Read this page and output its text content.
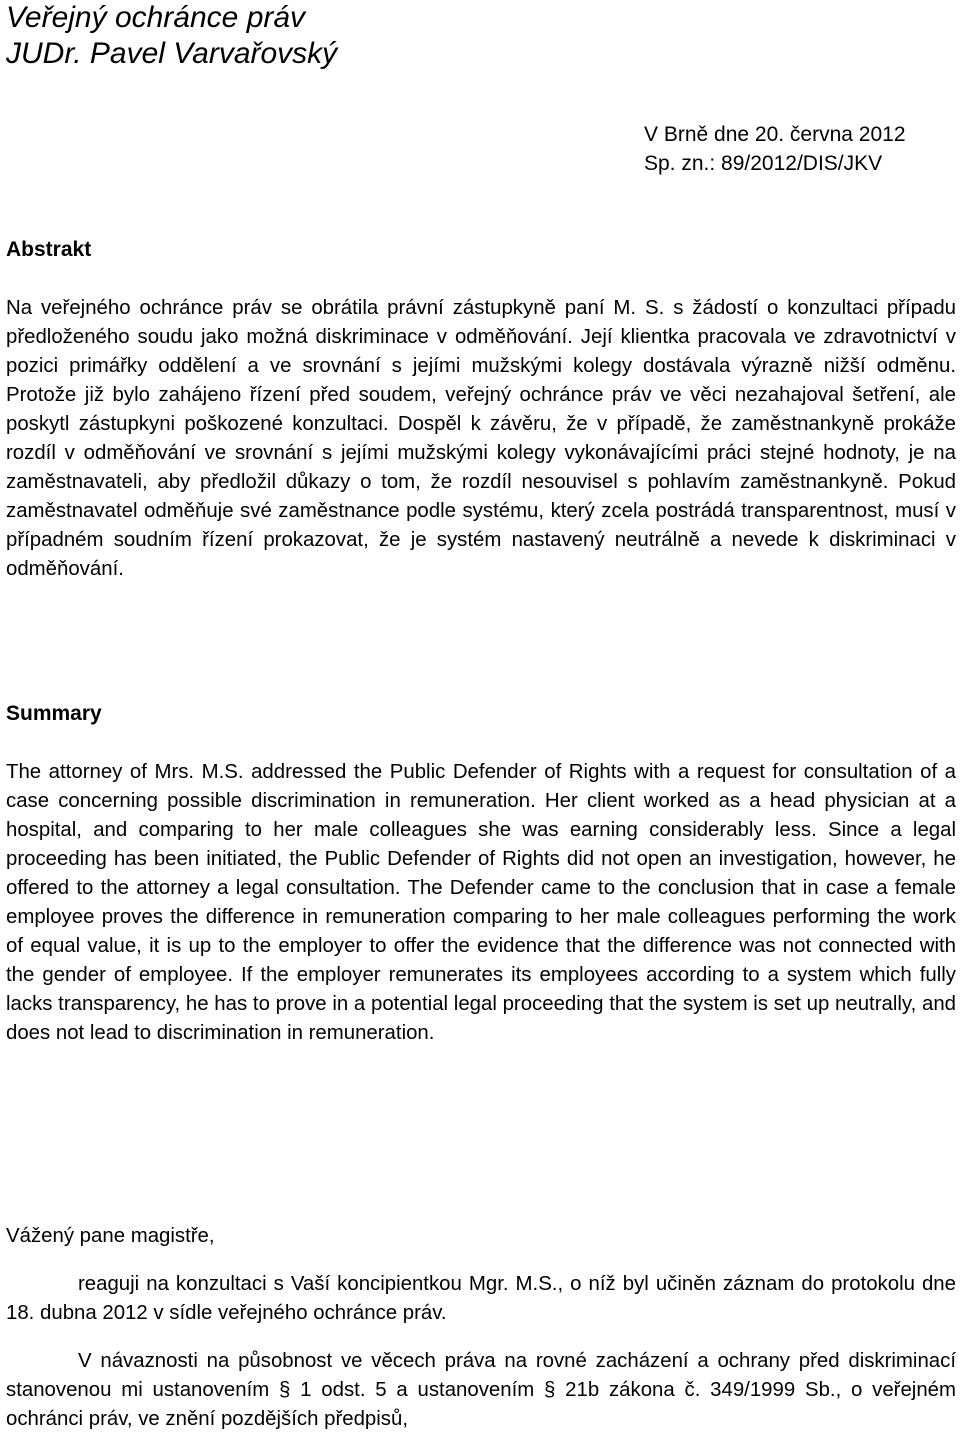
Veřejný ochránce práv
JUDr. Pavel Varvařovský
V Brně dne 20. června 2012
Sp. zn.: 89/2012/DIS/JKV
Abstrakt

Na veřejného ochránce práv se obrátila právní zástupkyně paní M. S. s žádostí o konzultaci případu předloženého soudu jako možná diskriminace v odměňování. Její klientka pracovala ve zdravotnictví v pozici primářky oddělení a ve srovnání s jejími mužskými kolegy dostávala výrazně nižší odměnu. Protože již bylo zahájeno řízení před soudem, veřejný ochránce práv ve věci nezahajoval šetření, ale poskytl zástupkyni poškozené konzultaci. Dospěl k závěru, že v případě, že zaměstnankyně prokáže rozdíl v odměňování ve srovnání s jejími mužskými kolegy vykonávajícími práci stejné hodnoty, je na zaměstnavateli, aby předložil důkazy o tom, že rozdíl nesouvisel s pohlavím zaměstnankyně. Pokud zaměstnavatel odměňuje své zaměstnance podle systému, který zcela postrádá transparentnost, musí v případném soudním řízení prokazovat, že je systém nastavený neutrálně a nevede k diskriminaci v odměňování.

Summary

The attorney of Mrs. M.S. addressed the Public Defender of Rights with a request for consultation of a case concerning possible discrimination in remuneration. Her client worked as a head physician at a hospital, and comparing to her male colleagues she was earning considerably less. Since a legal proceeding has been initiated, the Public Defender of Rights did not open an investigation, however, he offered to the attorney a legal consultation. The Defender came to the conclusion that in case a female employee proves the difference in remuneration comparing to her male colleagues performing the work of equal value, it is up to the employer to offer the evidence that the difference was not connected with the gender of employee. If the employer remunerates its employees according to a system which fully lacks transparency, he has to prove in a potential legal proceeding that the system is set up neutrally, and does not lead to discrimination in remuneration.

Vážený pane magistře,

reaguji na konzultaci s Vaší koncipientkou Mgr. M.S., o níž byl učiněn záznam do protokolu dne 18. dubna 2012 v sídle veřejného ochránce práv.

V návaznosti na působnost ve věcech práva na rovné zacházení a ochrany před diskriminací stanovenou mi ustanovením § 1 odst. 5 a ustanovením § 21b zákona č. 349/1999 Sb., o veřejném ochránci práv, ve znění pozdějších předpisů,
